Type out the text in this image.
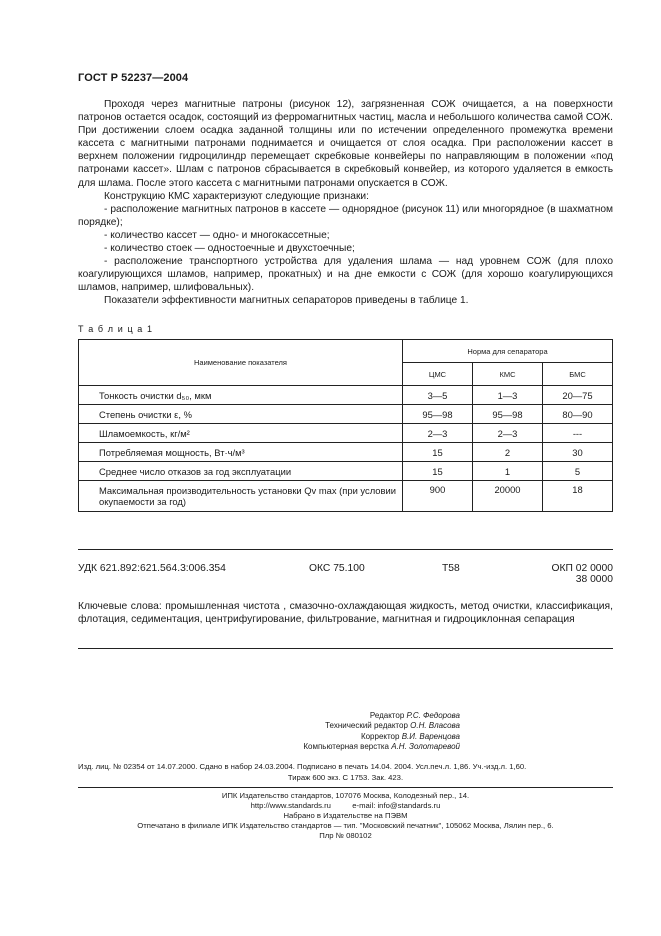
ГОСТ Р 52237—2004

Проходя через магнитные патроны (рисунок 12), загрязненная СОЖ очищается, а на поверхности патронов остается осадок, состоящий из ферромагнитных частиц, масла и небольшого количества самой СОЖ. При достижении слоем осадка заданной толщины или по истечении определенного промежутка времени кассета с магнитными патронами поднимается и очищается от слоя осадка. При расположении кассет в верхнем положении гидроцилиндр перемещает скребковые конвейеры по направляющим в положении «под патронами кассет». Шлам с патронов сбрасывается в скребковый конвейер, из которого удаляется в емкость для шлама. После этого кассета с магнитными патронами опускается в СОЖ.

Конструкцию КМС характеризуют следующие признаки:

- расположение магнитных патронов в кассете — однорядное (рисунок 11) или многорядное (в шахматном порядке);

- количество кассет — одно- и многокассетные;

- количество стоек — одностоечные и двухстоечные;

- расположение транспортного устройства для удаления шлама — над уровнем СОЖ (для плохо коагулирующихся шламов, например, прокатных) и на дне емкости с СОЖ (для хорошо коагулирующихся шламов, например, шлифовальных).

Показатели эффективности магнитных сепараторов приведены в таблице 1.

Т а б л и ц а 1
Наименование показателя	Норма для сепаратора		
	ЦМС	КМС	БМС
Тонкость очистки d₅₀, мкм	3—5	1—3	20—75
Степень очистки ε, %	95—98	95—98	80—90
Шламоемкость, кг/м²	2—3	2—3	---
Потребляемая мощность, Вт·ч/м³	15	2	30
Среднее число отказов за год эксплуатации	15	1	5
Максимальная производительность установки Qv max (при условии окупаемости за год)	900	20000	18
УДК 621.892:621.564.3:006.354	ОКС 75.100	Т58	ОКП 02 0000
38 0000
Ключевые слова: промышленная чистота , смазочно-охлаждающая жидкость, метод очистки, классификация, флотация, седиментация, центрифугирование, фильтрование, магнитная и гидроциклонная сепарация
Редактор Р.С. Федорова
Технический редактор О.Н. Власова
Корректор В.И. Варенцова
Компьютерная верстка А.Н. Золотаревой
Изд. лиц. № 02354 от 14.07.2000. Сдано в набор 24.03.2004. Подписано в печать 14.04. 2004. Усл.печ.л. 1,86. Уч.-изд.л. 1,60.
Тираж 600 экз. С 1753. Зак. 423.
ИПК Издательство стандартов, 107076 Москва, Колодезный пер., 14.
http://www.standards.ru          e-mail: info@standards.ru
Набрано в Издательстве на ПЭВМ
Отпечатано в филиале ИПК Издательство стандартов — тип. "Московский печатник", 105062 Москва, Лялин пер., 6.
Плр № 080102
